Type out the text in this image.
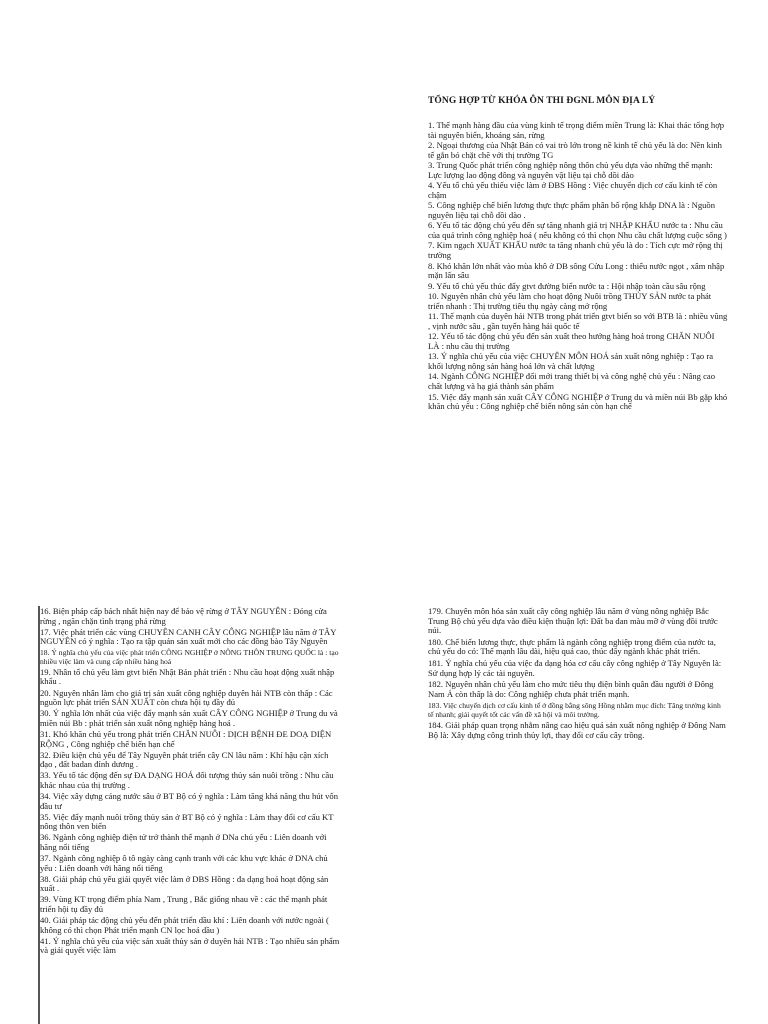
TỔNG HỢP TỪ KHÓA ÔN THI ĐGNL MÔN ĐỊA LÝ
1. Thế mạnh hàng đầu của vùng kinh tế trọng điểm miền Trung là: Khai thác tổng hợp tài nguyên biển, khoáng sản, rừng
2. Ngoại thương của Nhật Bản có vai trò lớn trong nề kinh tế chủ yếu là do: Nền kinh tế gắn bó chặt chẽ với thị trường TG
3. Trung Quốc phát triển công nghiệp nông thôn chủ yếu dựa vào những thế mạnh: Lực lượng lao động đông và nguyên vật liệu tại chỗ dồi dào
4. Yếu tố chủ yếu thiếu việc làm ở ĐBS Hồng : Việc chuyển dịch cơ cấu kinh tế còn chậm
5. Công nghiệp chế biến lương thực thực phẩm phân bố rộng khắp DNA là : Nguồn nguyên liệu tại chỗ dồi dào .
6. Yếu tố tác động chủ yếu đến sự tăng nhanh giá trị NHẬP KHẨU nước ta : Nhu cầu của quá trình công nghiệp hoá ( nếu không có thì chọn Nhu cầu chất lượng cuộc sống )
7. Kim ngạch XUẤT KHẨU nước ta tăng nhanh chủ yếu là do : Tích cực mở rộng thị trường
8. Khó khăn lớn nhất vào mùa khô ở DB sông Cửu Long : thiếu nước ngọt , xâm nhập mặn lấn sâu
9. Yếu tố chủ yếu thúc đẩy gtvt đường biển nước ta : Hội nhập toàn cầu sâu rộng
10. Nguyên nhân chủ yếu làm cho hoạt động Nuôi trồng THỦY SẢN nước ta phát triển nhanh : Thị trường tiêu thụ ngày càng mở rộng
11. Thế mạnh của duyên hải NTB trong phát triển gtvt biển so với BTB là : nhiều vũng , vịnh nước sâu , gần tuyến hàng hải quốc tế
12. Yếu tố tác động chủ yếu đến sản xuất theo hướng hàng hoá trong CHĂN NUÔI LÀ : nhu cầu thị trường
13. Ý nghĩa chủ yếu của việc CHUYÊN MÔN HOÁ sản xuất nông nghiệp : Tạo ra khối lượng nông sản hàng hoá lớn và chất lượng
14. Ngành CÔNG NGHIỆP đổi mới trang thiết bị và công nghệ chủ yếu : Nâng cao chất lượng và hạ giá thành sản phẩm
15. Việc đẩy mạnh sản xuất CÂY CÔNG NGHIỆP ở Trung du và miền núi Bb gặp khó khăn chủ yếu : Công nghiệp chế biến nông sản còn hạn chế
16. Biện pháp cấp bách nhất hiện nay để bảo vệ rừng ở TÂY NGUYÊN : Đóng cửa rừng , ngăn chặn tình trạng phá rừng
17. Việc phát triển các vùng CHUYÊN CANH CÂY CÔNG NGHIỆP lâu năm ở TÂY NGUYÊN có ý nghĩa : Tạo ra tập quán sản xuất mới cho các đồng bào Tây Nguyên
18. Ý nghĩa chủ yếu của việc phát triển CÔNG NGHIỆP ở NÔNG THÔN TRUNG QUỐC là : tạo nhiều việc làm và cung cấp nhiều hàng hoá
19. Nhân tố chủ yếu làm gtvt biển Nhật Bản phát triển : Nhu cầu hoạt động xuất nhập khẩu .
20. Nguyên nhân làm cho giá trị sản xuất công nghiệp duyên hải NTB còn thấp : Các nguồn lực phát triển SẢN XUẤT còn chưa hội tụ đầy đủ
30. Ý nghĩa lớn nhất của việc đẩy mạnh sản xuất CÂY CÔNG NGHIỆP ở Trung du và miền núi Bb : phát triển sản xuất nông nghiệp hàng hoá .
31. Khó khăn chủ yếu trong phát triển CHĂN NUÔI : DỊCH BỆNH ĐE DOẠ DIỆN RỘNG , Công nghiệp chế biến hạn chế
32. Điều kiện chủ yếu để Tây Nguyên phát triển cây CN lâu năm : Khí hậu cận xích đạo , đất badan đỉnh dương .
33. Yếu tố tác động đến sự ĐA DẠNG HOÁ đối tượng thủy sản nuôi trồng : Nhu cầu khác nhau của thị trường .
34. Việc xây dựng cảng nước sâu ở BT Bộ có ý nghĩa : Làm tăng khả năng thu hút vốn đầu tư
35. Việc đẩy mạnh nuôi trồng thủy sản ở BT Bộ có ý nghĩa : Làm thay đổi cơ cấu KT nông thôn ven biển
36. Ngành công nghiệp điện tử trở thành thế mạnh ở DNa chủ yếu : Liên doanh với hãng nổi tiếng
37. Ngành công nghiệp ô tô ngày càng cạnh tranh với các khu vực khác ở DNA chủ yếu : Liên doanh với hãng nổi tiếng
38. Giải pháp chủ yếu giải quyết việc làm ở DBS Hồng : đa dạng hoá hoạt động sản xuất .
39. Vùng KT trọng điểm phía Nam , Trung , Bắc giống nhau về : các thế mạnh phát triển hội tụ đầy đủ
40. Giải pháp tác động chủ yếu đến phát triển dầu khí : Liên doanh với nước ngoài ( không có thì chọn Phát triển mạnh CN lọc hoá dầu )
41. Ý nghĩa chủ yếu của việc sản xuất thủy sản ở duyên hải NTB : Tạo nhiều sản phẩm và giải quyết việc làm
179. Chuyên môn hóa sản xuất cây công nghiệp lâu năm ở vùng nông nghiệp Bắc Trung Bộ chủ yếu dựa vào điều kiện thuận lợi: Đất ba dan màu mỡ ở vùng đồi trước núi.
180. Chế biến lương thực, thực phẩm là ngành công nghiệp trọng điểm của nước ta, chủ yếu do có: Thế mạnh lâu dài, hiệu quả cao, thúc đẩy ngành khác phát triển.
181. Ý nghĩa chủ yếu của việc đa dạng hóa cơ cấu cây công nghiệp ở Tây Nguyên là: Sử dụng hợp lý các tài nguyên.
182. Nguyên nhân chủ yếu làm cho mức tiêu thụ điện bình quân đầu người ở Đông Nam Á còn thấp là do: Công nghiệp chưa phát triển mạnh.
183. Việc chuyển dịch cơ cấu kinh tế ở đồng bằng sông Hồng nhằm mục đích: Tăng trưởng kinh tế nhanh; giải quyết tốt các vấn đề xã hội và môi trường.
184. Giải pháp quan trọng nhằm nâng cao hiệu quả sản xuất nông nghiệp ở Đông Nam Bộ là: Xây dựng công trình thủy lợi, thay đổi cơ cấu cây trồng.
